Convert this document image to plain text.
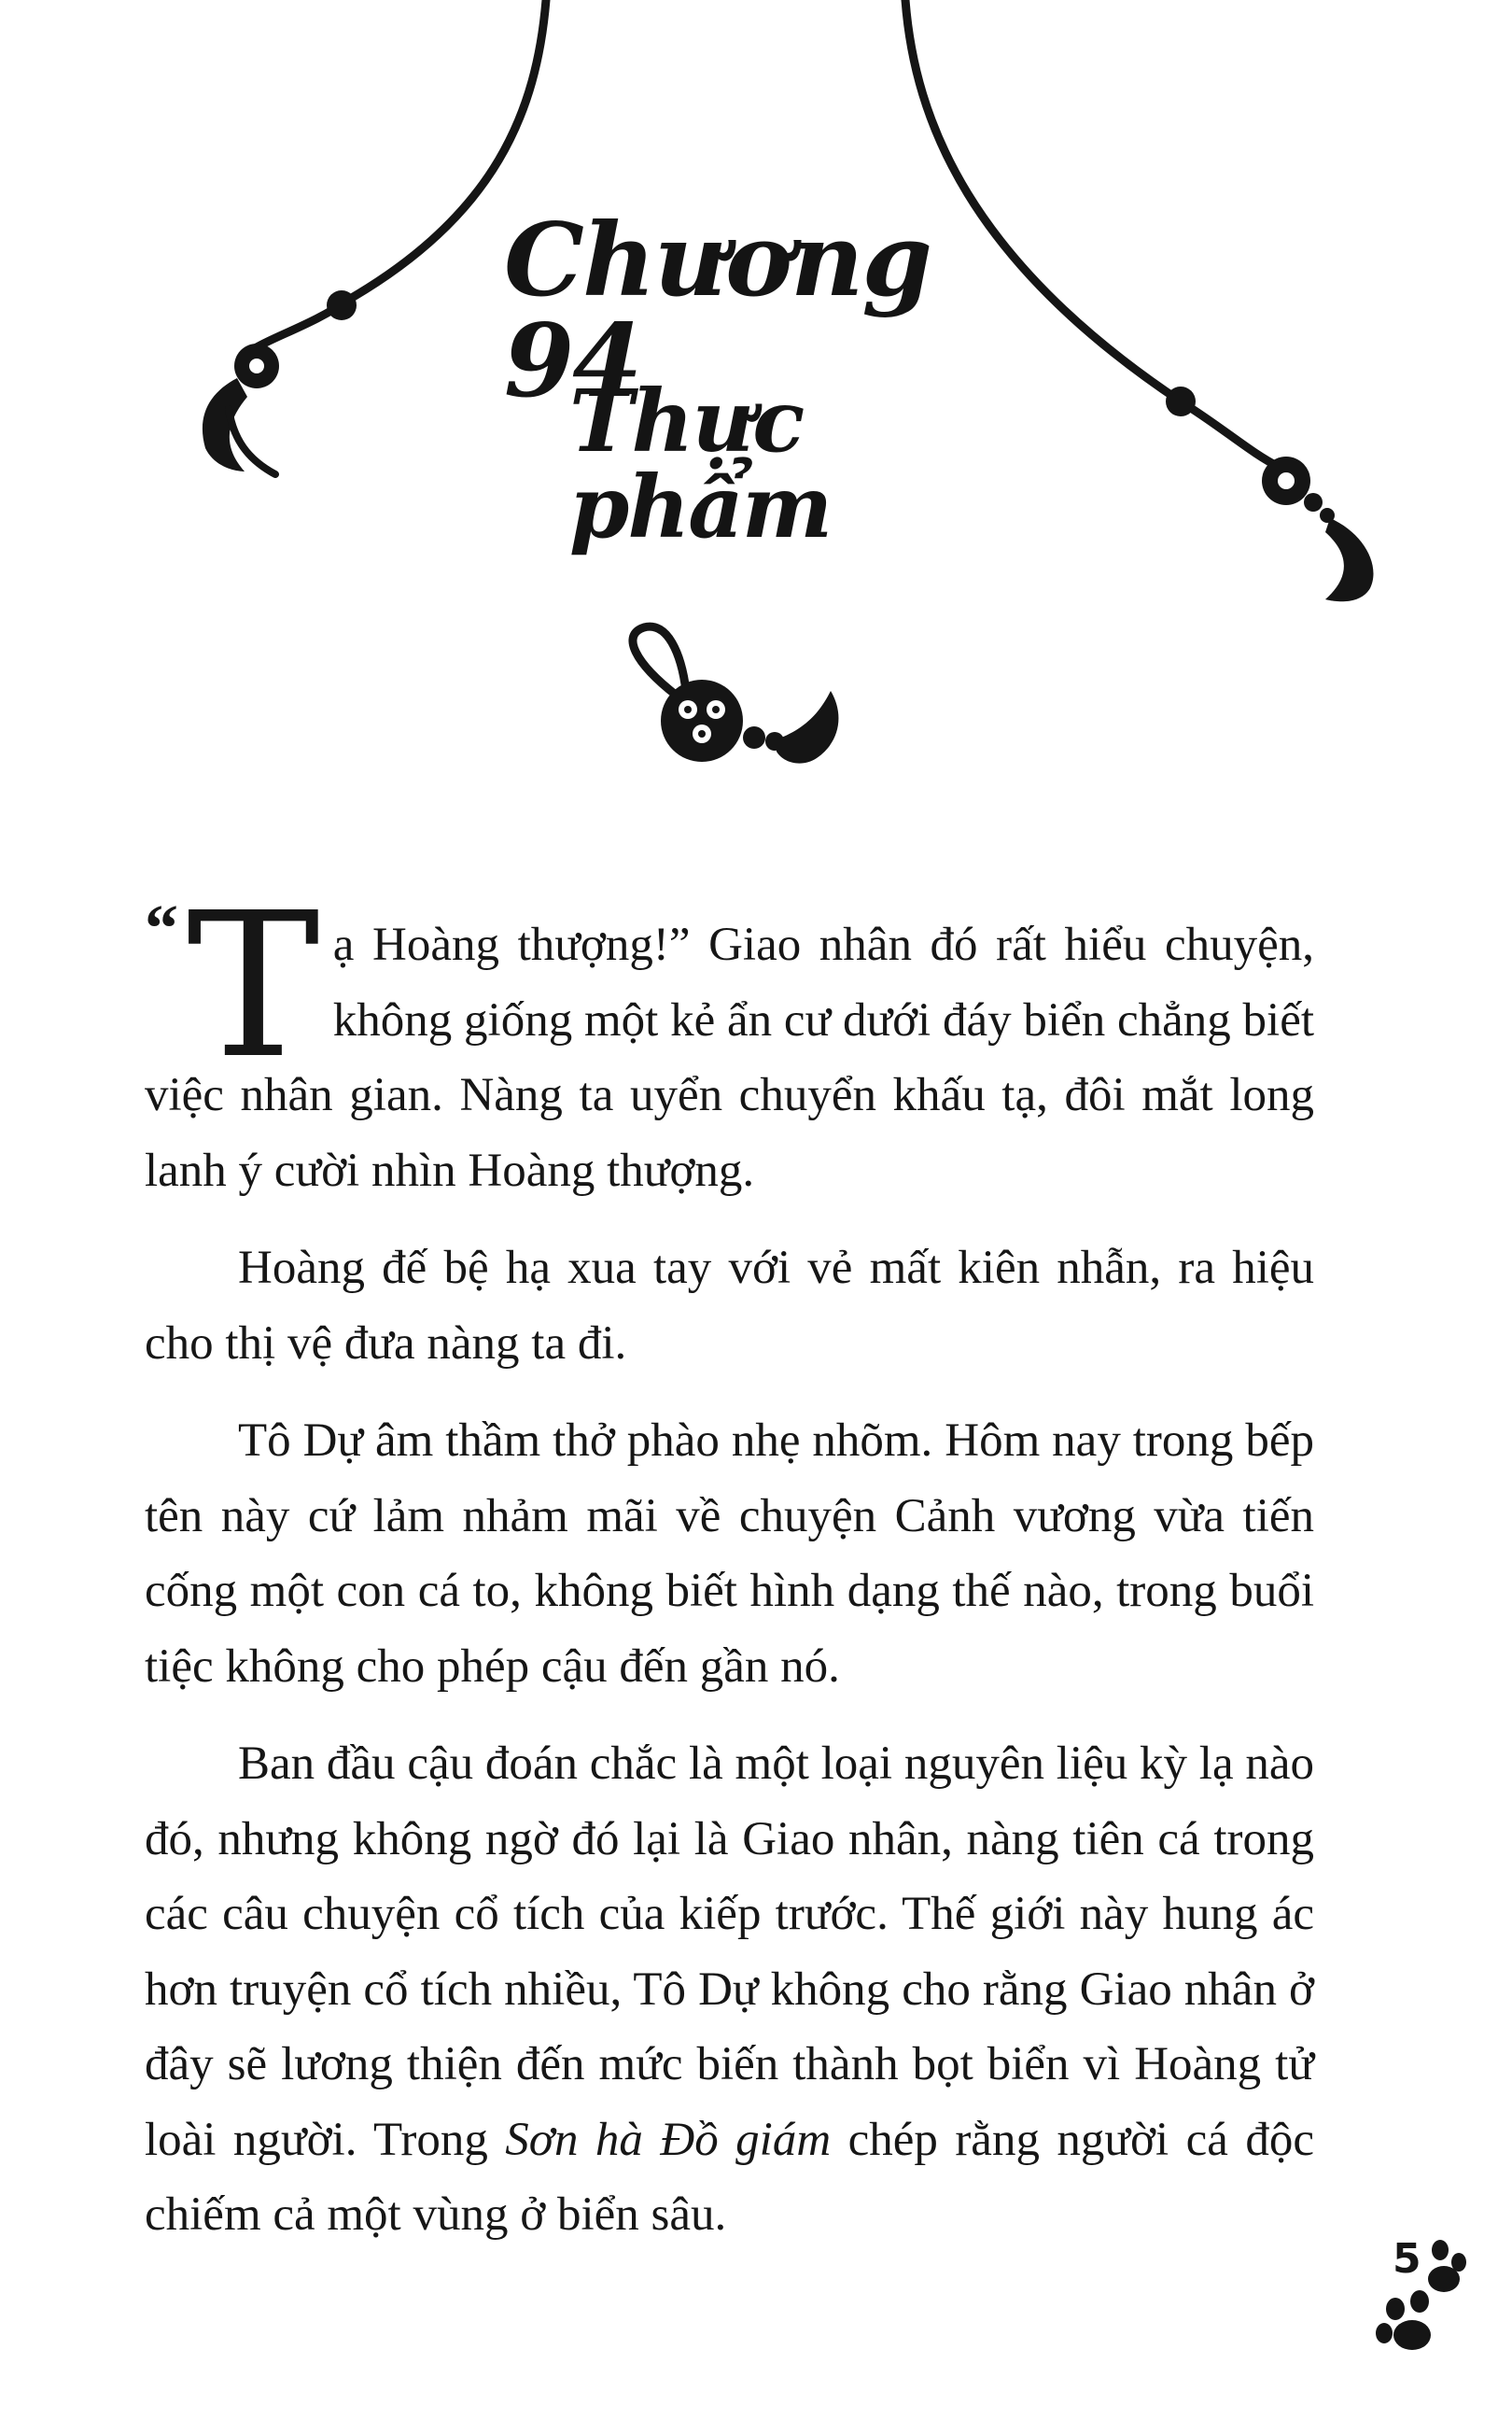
Chương 94
Thực phẩm

“ T ạ Hoàng thượng!” Giao nhân đó rất hiểu chuyện, không giống một kẻ ẩn cư dưới đáy biển chẳng biết việc nhân gian. Nàng ta uyển chuyển khấu tạ, đôi mắt long lanh ý cười nhìn Hoàng thượng.

Hoàng đế bệ hạ xua tay với vẻ mất kiên nhẫn, ra hiệu cho thị vệ đưa nàng ta đi.

Tô Dự âm thầm thở phào nhẹ nhõm. Hôm nay trong bếp tên này cứ lảm nhảm mãi về chuyện Cảnh vương vừa tiến cống một con cá to, không biết hình dạng thế nào, trong buổi tiệc không cho phép cậu đến gần nó.

Ban đầu cậu đoán chắc là một loại nguyên liệu kỳ lạ nào đó, nhưng không ngờ đó lại là Giao nhân, nàng tiên cá trong các câu chuyện cổ tích của kiếp trước. Thế giới này hung ác hơn truyện cổ tích nhiều, Tô Dự không cho rằng Giao nhân ở đây sẽ lương thiện đến mức biến thành bọt biển vì Hoàng tử loài người. Trong Sơn hà Đồ giám chép rằng người cá độc chiếm cả một vùng ở biển sâu.

5
